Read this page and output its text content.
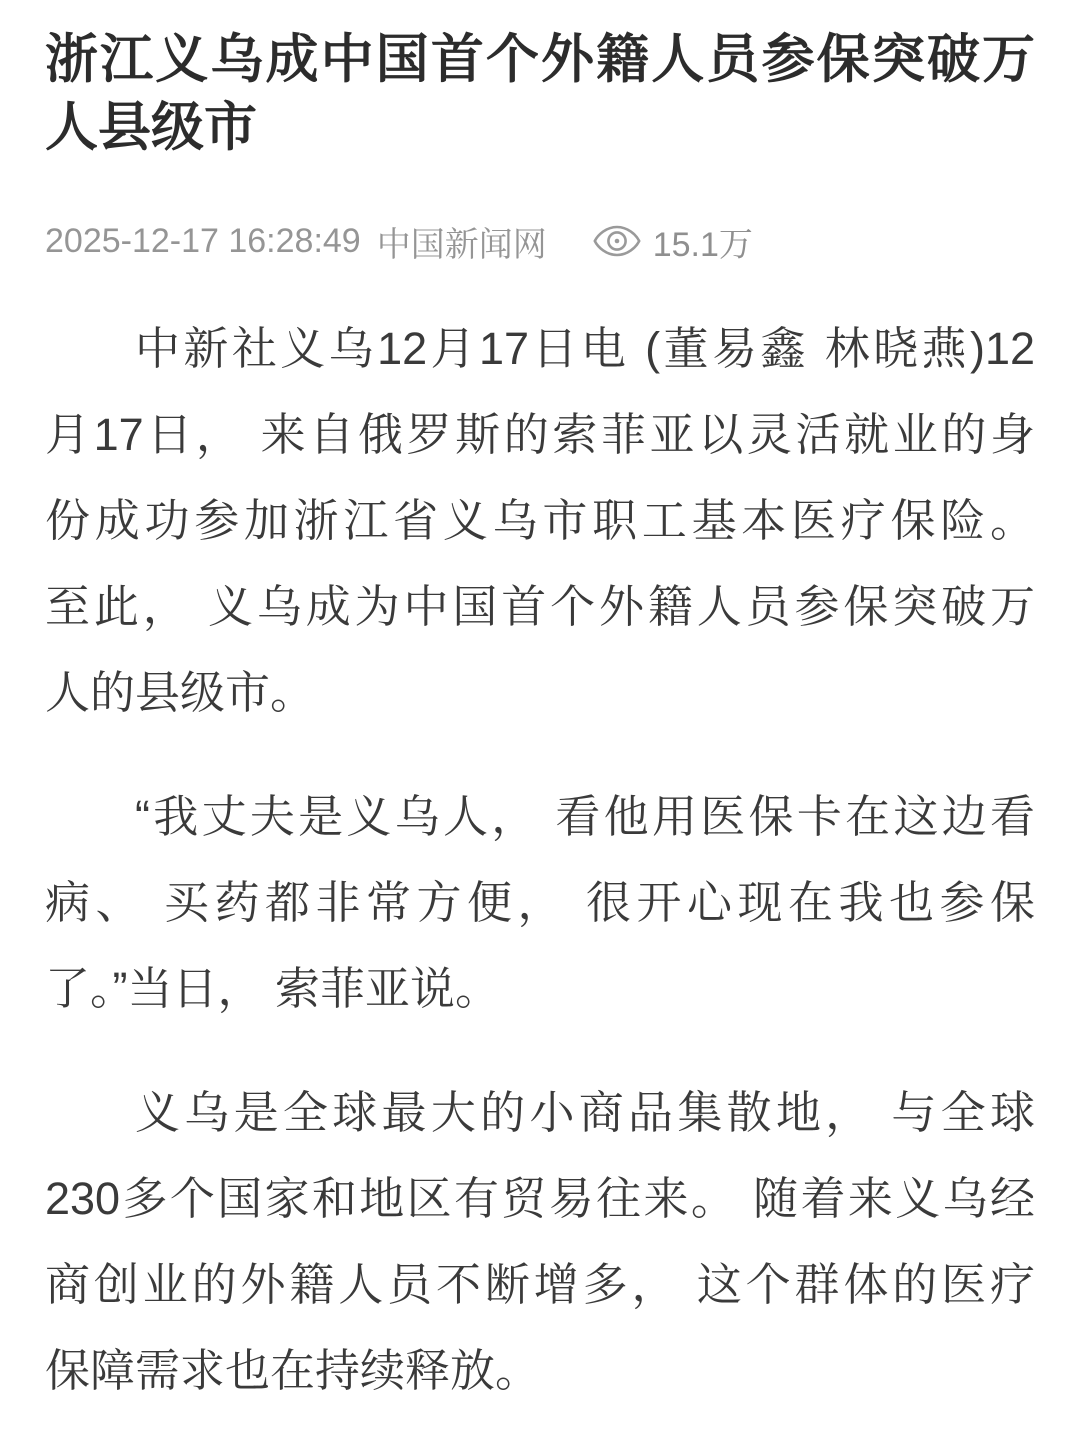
浙江义乌成中国首个外籍人员参保突破万
人县级市
2025-12-17 16:28:49 中国新闻网	15.1万

中新社义乌12月17日电 (董易鑫 林晓燕)12
月17日， 来自俄罗斯的索菲亚以灵活就业的身
份成功参加浙江省义乌市职工基本医疗保险。
至此， 义乌成为中国首个外籍人员参保突破万
人的县级市。

“我丈夫是义乌人， 看他用医保卡在这边看
病、 买药都非常方便， 很开心现在我也参保
了。”当日， 索菲亚说。

义乌是全球最大的小商品集散地， 与全球
230多个国家和地区有贸易往来。 随着来义乌经
商创业的外籍人员不断增多， 这个群体的医疗
保障需求也在持续释放。
